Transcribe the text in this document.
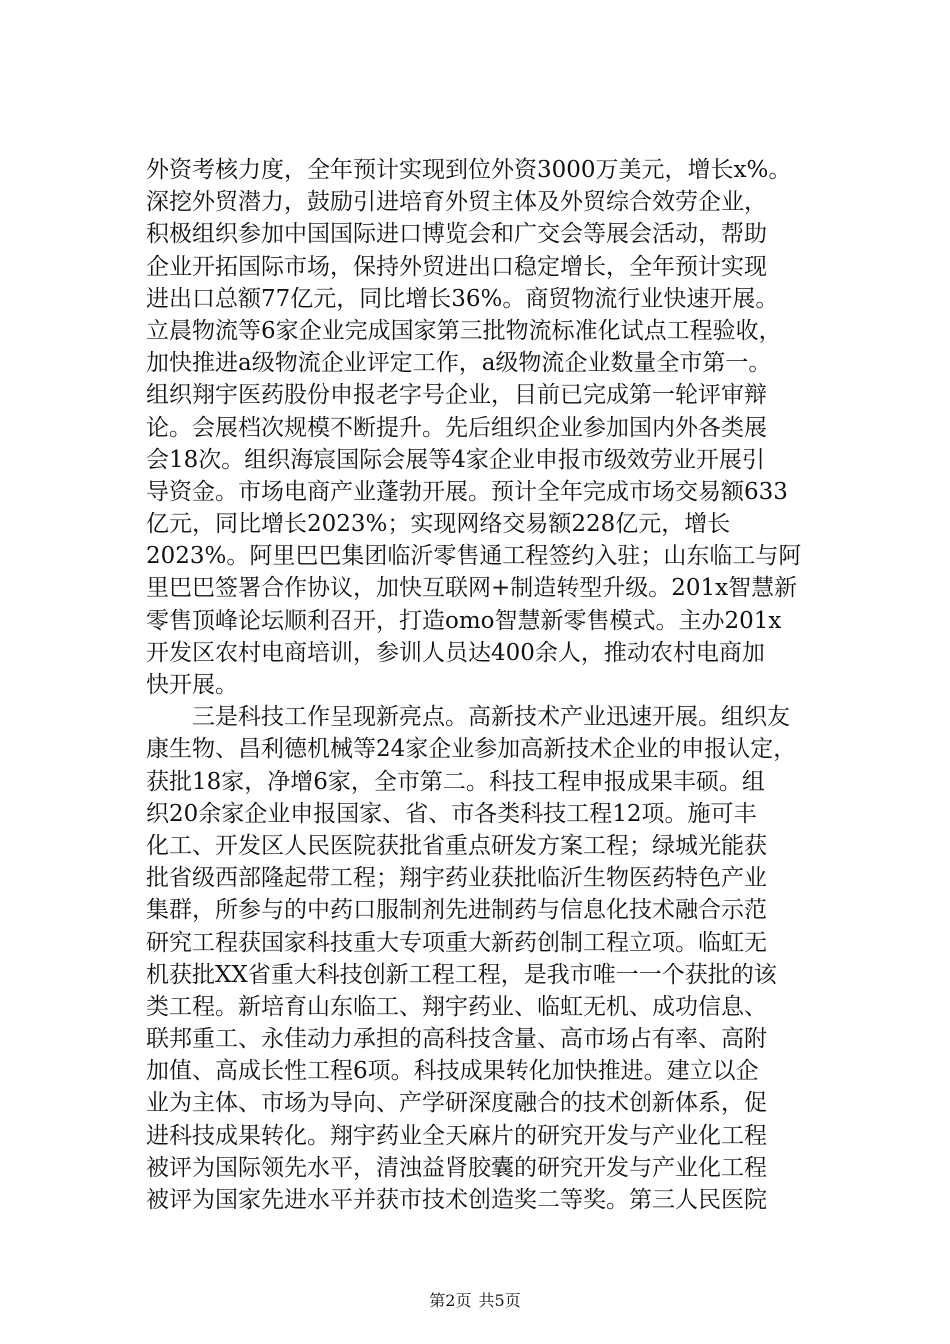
外资考核力度，全年预计实现到位外资3000万美元，增长x%。
深挖外贸潜力，鼓励引进培育外贸主体及外贸综合效劳企业，
积极组织参加中国国际进口博览会和广交会等展会活动，帮助
企业开拓国际市场，保持外贸进出口稳定增长，全年预计实现
进出口总额77亿元，同比增长36%。商贸物流行业快速开展。
立晨物流等6家企业完成国家第三批物流标准化试点工程验收，
加快推进a级物流企业评定工作，a级物流企业数量全市第一。
组织翔宇医药股份申报老字号企业，目前已完成第一轮评审辩
论。会展档次规模不断提升。先后组织企业参加国内外各类展
会18次。组织海宸国际会展等4家企业申报市级效劳业开展引
导资金。市场电商产业蓬勃开展。预计全年完成市场交易额633
亿元，同比增长2023%；实现网络交易额228亿元，增长
2023%。阿里巴巴集团临沂零售通工程签约入驻；山东临工与阿
里巴巴签署合作协议，加快互联网+制造转型升级。201x智慧新
零售顶峰论坛顺利召开，打造omo智慧新零售模式。主办201x
开发区农村电商培训，参训人员达400余人，推动农村电商加
快开展。
　　三是科技工作呈现新亮点。高新技术产业迅速开展。组织友
康生物、昌利德机械等24家企业参加高新技术企业的申报认定，
获批18家，净增6家，全市第二。科技工程申报成果丰硕。组
织20余家企业申报国家、省、市各类科技工程12项。施可丰
化工、开发区人民医院获批省重点研发方案工程；绿城光能获
批省级西部隆起带工程；翔宇药业获批临沂生物医药特色产业
集群，所参与的中药口服制剂先进制药与信息化技术融合示范
研究工程获国家科技重大专项重大新药创制工程立项。临虹无
机获批XX省重大科技创新工程工程，是我市唯一一个获批的该
类工程。新培育山东临工、翔宇药业、临虹无机、成功信息、
联邦重工、永佳动力承担的高科技含量、高市场占有率、高附
加值、高成长性工程6项。科技成果转化加快推进。建立以企
业为主体、市场为导向、产学研深度融合的技术创新体系，促
进科技成果转化。翔宇药业全天麻片的研究开发与产业化工程
被评为国际领先水平，清浊益肾胶囊的研究开发与产业化工程
被评为国家先进水平并获市技术创造奖二等奖。第三人民医院
第2页 共5页
